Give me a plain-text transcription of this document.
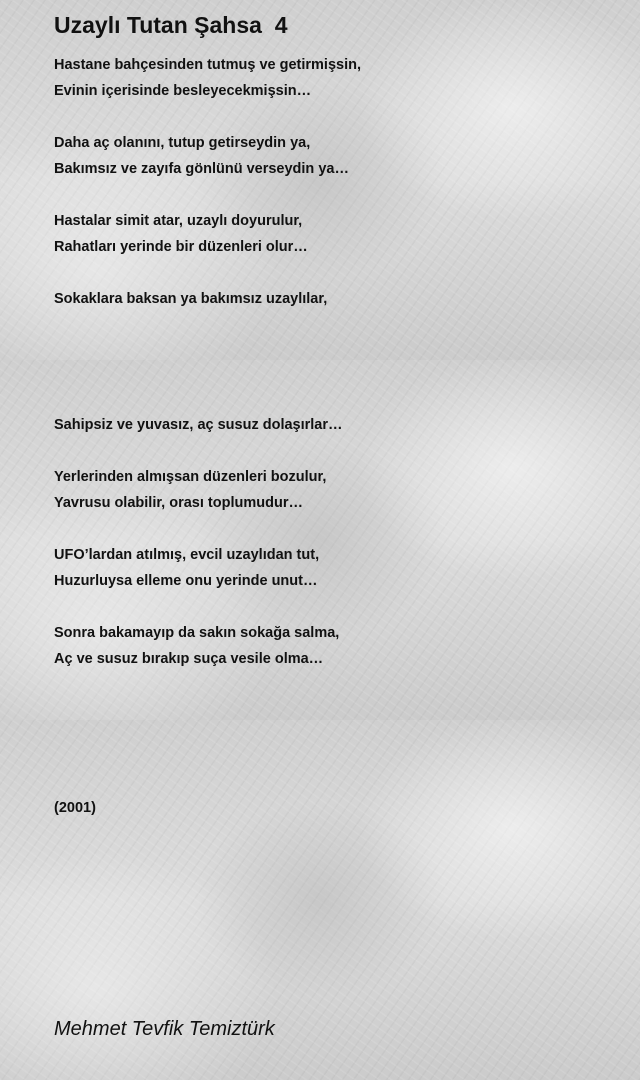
Uzaylı Tutan Şahsa  4
Hastane bahçesinden tutmuş ve getirmişsin,
Evinin içerisinde besleyecekmişsin…
Daha aç olanını, tutup getirseydin ya,
Bakımsız ve zayıfa gönlünü verseydin ya…
Hastalar simit atar, uzaylı doyurulur,
Rahatları yerinde bir düzenleri olur…
Sokaklara baksan ya bakımsız uzaylılar,
Sahipsiz ve yuvasız, aç susuz dolaşırlar…
Yerlerinden almışsan düzenleri bozulur,
Yavrusu olabilir, orası toplumudur…
UFO’lardan atılmış, evcil uzaylıdan tut,
Huzurluysa elleme onu yerinde unut…
Sonra bakamayıp da sakın sokağa salma,
Aç ve susuz bırakıp suça vesile olma…
(2001)
Mehmet Tevfik Temiztürk
